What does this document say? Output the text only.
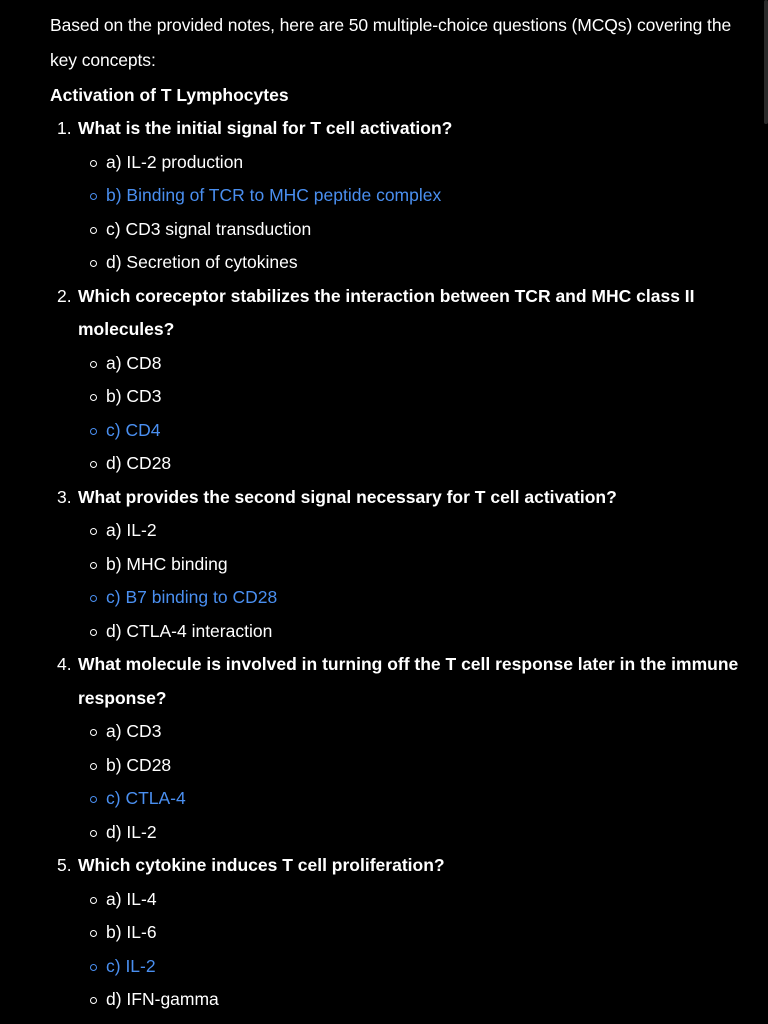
Based on the provided notes, here are 50 multiple-choice questions (MCQs) covering the key concepts:

Activation of T Lymphocytes

1. What is the initial signal for T cell activation?

a) IL-2 production
b) Binding of TCR to MHC peptide complex
c) CD3 signal transduction
d) Secretion of cytokines
2. Which coreceptor stabilizes the interaction between TCR and MHC class II molecules?

a) CD8
b) CD3
c) CD4
d) CD28
3. What provides the second signal necessary for T cell activation?

a) IL-2
b) MHC binding
c) B7 binding to CD28
d) CTLA-4 interaction
4. What molecule is involved in turning off the T cell response later in the immune response?

a) CD3
b) CD28
c) CTLA-4
d) IL-2
5. Which cytokine induces T cell proliferation?

a) IL-4
b) IL-6
c) IL-2
d) IFN-gamma
